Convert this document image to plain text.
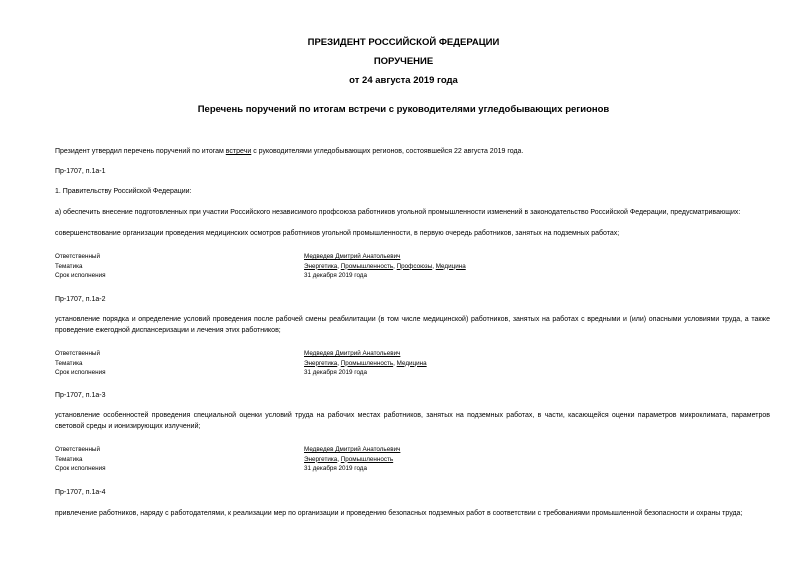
ПРЕЗИДЕНТ РОССИЙСКОЙ ФЕДЕРАЦИИ
ПОРУЧЕНИЕ
от 24 августа 2019 года
Перечень поручений по итогам встречи с руководителями угледобывающих регионов
Президент утвердил перечень поручений по итогам встречи с руководителями угледобывающих регионов, состоявшейся 22 августа 2019 года.
Пр-1707, п.1а-1
1. Правительству Российской Федерации:
а) обеспечить внесение подготовленных при участии Российского независимого профсоюза работников угольной промышленности изменений в законодательство Российской Федерации, предусматривающих:
совершенствование организации проведения медицинских осмотров работников угольной промышленности, в первую очередь работников, занятых на подземных работах;
Ответственный	Медведев Дмитрий Анатольевич
Тематика	Энергетика, Промышленность, Профсоюзы, Медицина
Срок исполнения	31 декабря 2019 года
Пр-1707, п.1а-2
установление порядка и определение условий проведения после рабочей смены реабилитации (в том числе медицинской) работников, занятых на работах с вредными и (или) опасными условиями труда, а также проведение ежегодной диспансеризации и лечения этих работников;
Ответственный	Медведев Дмитрий Анатольевич
Тематика	Энергетика, Промышленность, Медицина
Срок исполнения	31 декабря 2019 года
Пр-1707, п.1а-3
установление особенностей проведения специальной оценки условий труда на рабочих местах работников, занятых на подземных работах, в части, касающейся оценки параметров микроклимата, параметров световой среды и ионизирующих излучений;
Ответственный	Медведев Дмитрий Анатольевич
Тематика	Энергетика, Промышленность
Срок исполнения	31 декабря 2019 года
Пр-1707, п.1а-4
привлечение работников, наряду с работодателями, к реализации мер по организации и проведению безопасных подземных работ в соответствии с требованиями промышленной безопасности и охраны труда;
